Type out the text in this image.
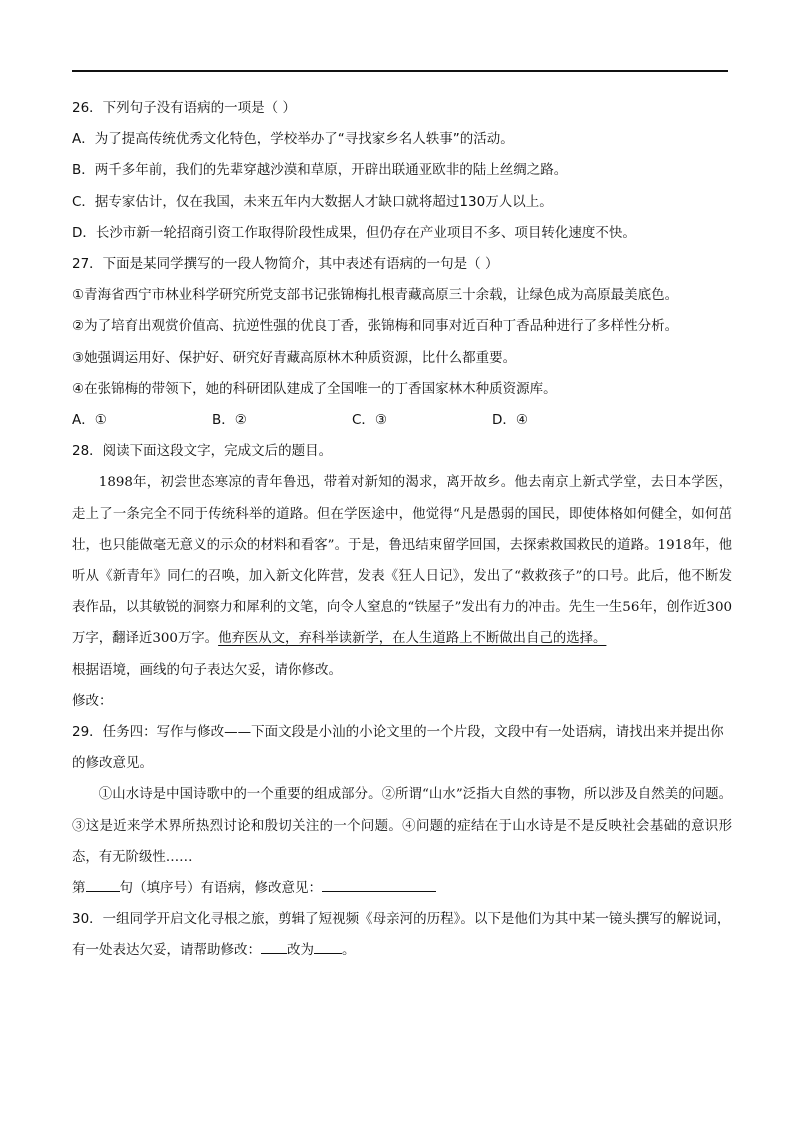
26．下列句子没有语病的一项是（ ）
A．为了提高传统优秀文化特色，学校举办了“寻找家乡名人轶事”的活动。
B．两千多年前，我们的先辈穿越沙漠和草原，开辟出联通亚欧非的陆上丝绸之路。
C．据专家估计，仅在我国，未来五年内大数据人才缺口就将超过130万人以上。
D．长沙市新一轮招商引资工作取得阶段性成果，但仍存在产业项目不多、项目转化速度不快。
27．下面是某同学撰写的一段人物简介，其中表述有语病的一句是（ ）
①青海省西宁市林业科学研究所党支部书记张锦梅扎根青藏高原三十余载，让绿色成为高原最美底色。
②为了培育出观赏价值高、抗逆性强的优良丁香，张锦梅和同事对近百种丁香品种进行了多样性分析。
③她强调运用好、保护好、研究好青藏高原林木种质资源，比什么都重要。
④在张锦梅的带领下，她的科研团队建成了全国唯一的丁香国家林木种质资源库。
A．①	B．②	C．③	D．④
28．阅读下面这段文字，完成文后的题目。
1898年，初尝世态寒凉的青年鲁迅，带着对新知的渴求，离开故乡。他去南京上新式学堂，去日本学医，走上了一条完全不同于传统科举的道路。但在学医途中，他觉得“凡是愚弱的国民，即使体格如何健全，如何茁壮，也只能做毫无意义的示众的材料和看客”。于是，鲁迅结束留学回国，去探索救国救民的道路。1918年，他听从《新青年》同仁的召唤，加入新文化阵营，发表《狂人日记》，发出了“救救孩子”的口号。此后，他不断发表作品，以其敏锐的洞察力和犀利的文笔，向令人窒息的“铁屋子”发出有力的冲击。先生一生56年，创作近300万字，翻译近300万字。他弃医从文，弃科举读新学，在人生道路上不断做出自己的选择。
根据语境，画线的句子表达欠妥，请你修改。
修改：
29．任务四：写作与修改——下面文段是小汕的小论文里的一个片段，文段中有一处语病，请找出来并提出你的修改意见。
①山水诗是中国诗歌中的一个重要的组成部分。②所谓“山水”泛指大自然的事物，所以涉及自然美的问题。③这是近来学术界所热烈讨论和殷切关注的一个问题。④问题的症结在于山水诗是不是反映社会基础的意识形态，有无阶级性……
第	句（填序号）有语病，修改意见：
30．一组同学开启文化寻根之旅，剪辑了短视频《母亲河的历程》。以下是他们为其中某一镜头撰写的解说词，有一处表达欠妥，请帮助修改： 改为 。
